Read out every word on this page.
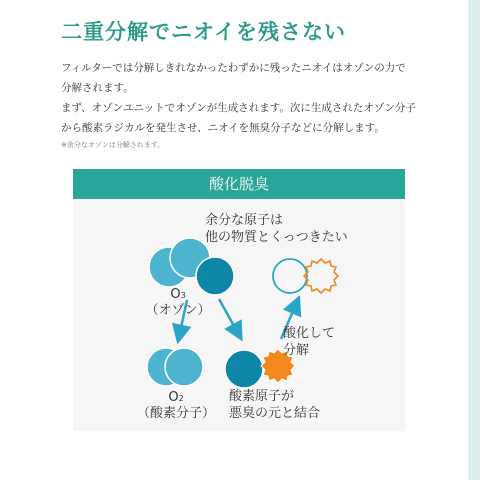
二重分解でニオイを残さない
フィルターでは分解しきれなかったわずかに残ったニオイはオゾンの力で
分解されます。
まず、オゾンユニットでオゾンが生成されます。次に生成されたオゾン分子
から酸素ラジカルを発生させ、ニオイを無臭分子などに分解します。
※余分なオゾンは分解されます。
酸化脱臭
余分な原子は
他の物質とくっつきたい
O3
（オゾン）
酸化して
分解
O2
（酸素分子）
酸素原子が
悪臭の元と結合
